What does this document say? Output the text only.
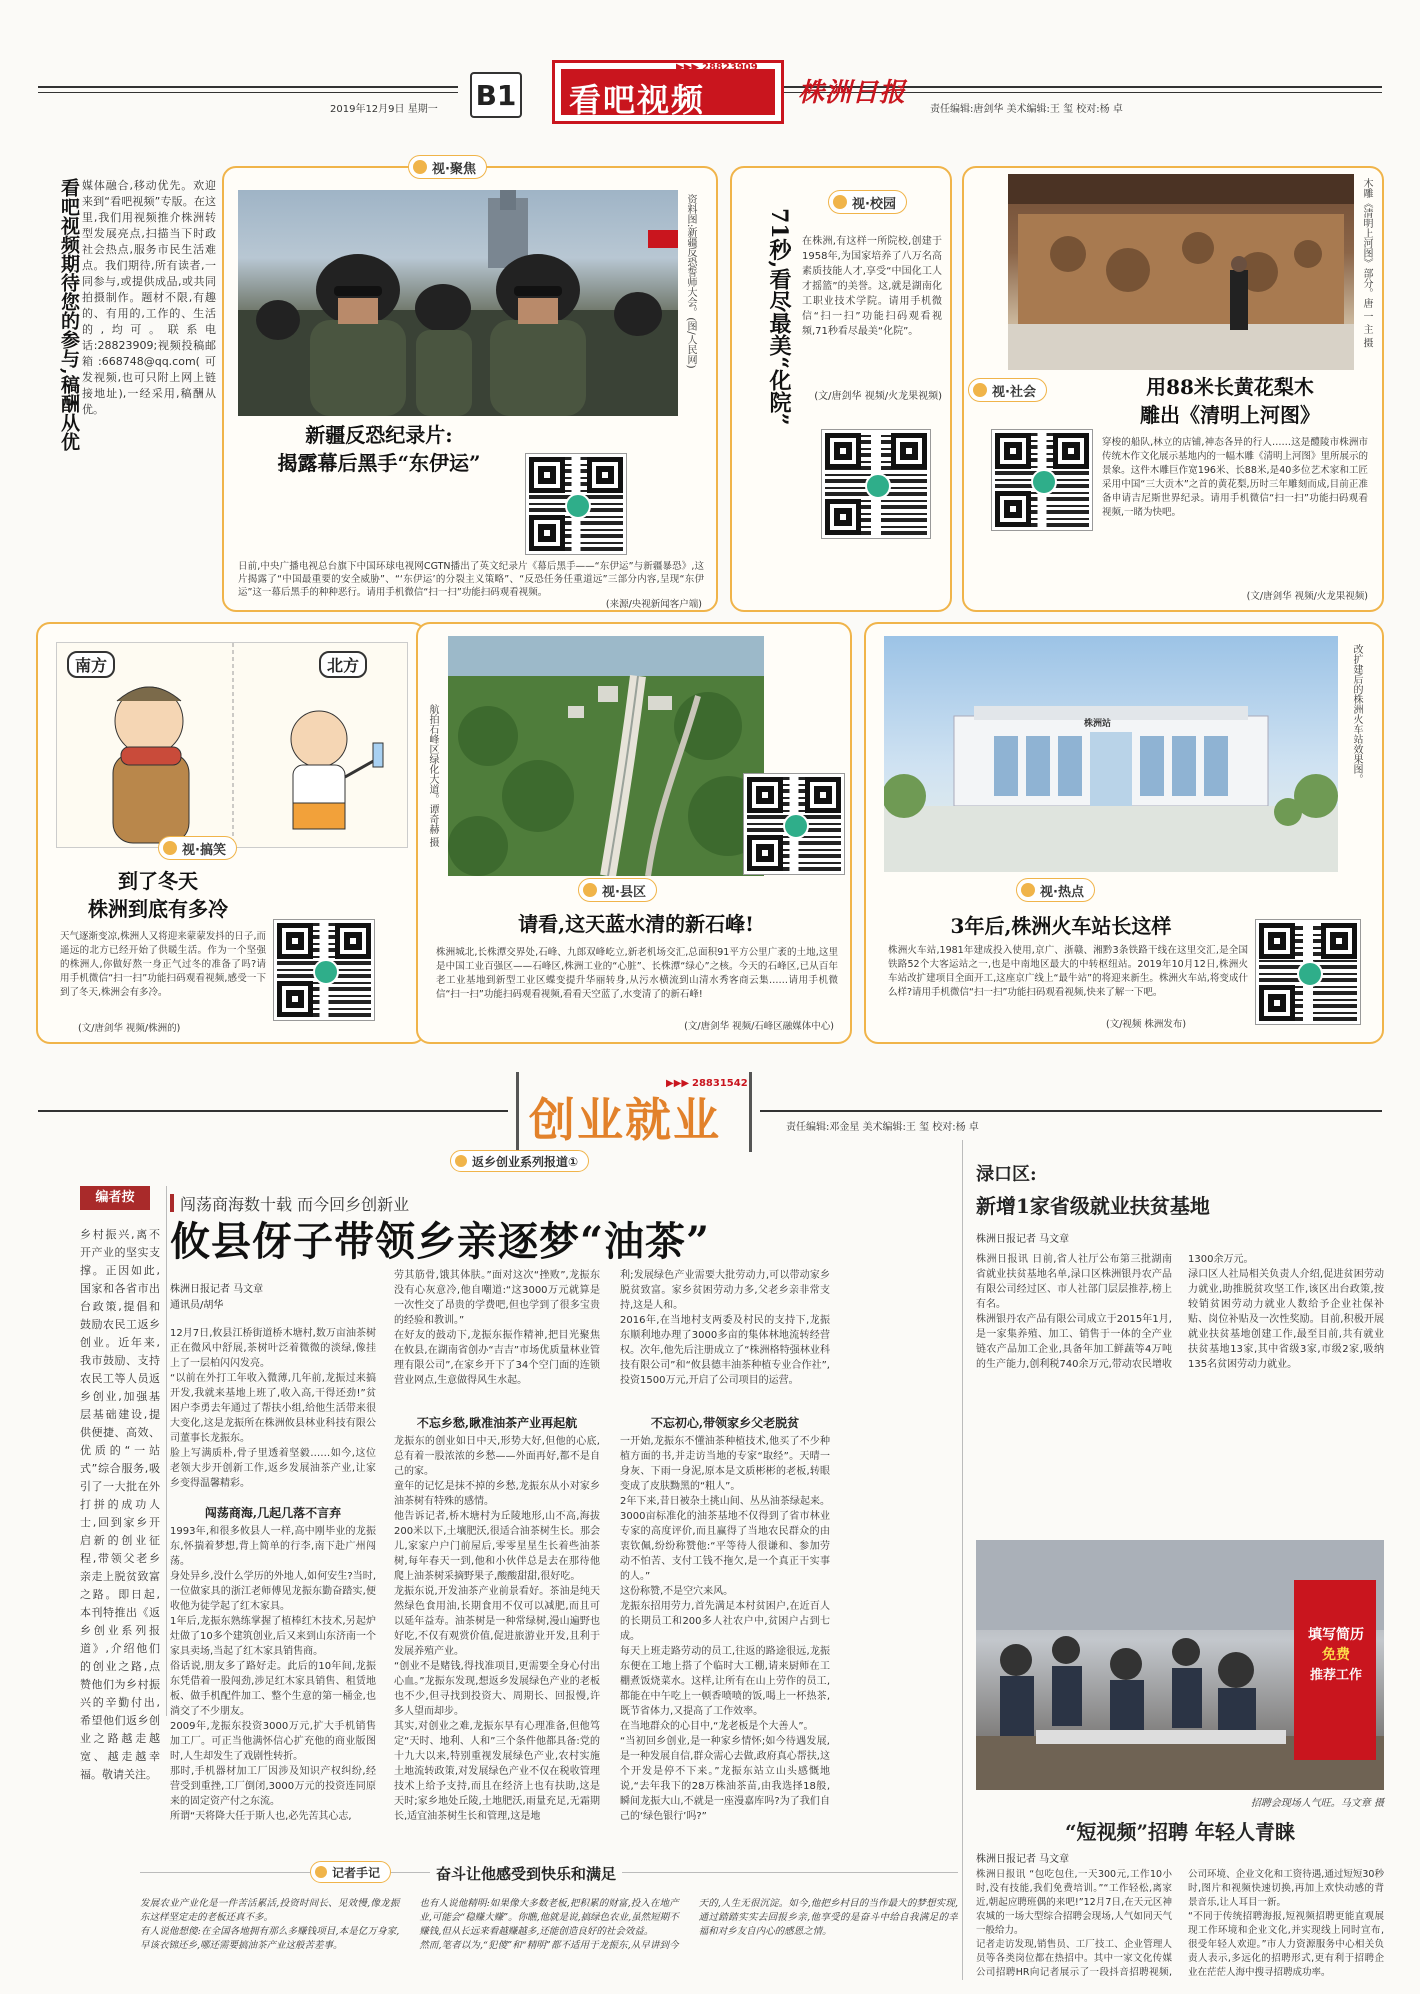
2019年12月9日 星期一 B1 看吧视频
▶▶▶ 28823909
株洲日报
责任编辑:唐剑华 美术编辑:王 玺 校对:杨 卓
看吧视频期待您的参与,稿酬从优 媒体融合,移动优先。欢迎来到“看吧视频”专版。在这里,我们用视频推介株洲转型发展亮点,扫描当下时政社会热点,服务市民生活难点。我们期待,所有读者,一同参与,或提供成品,或共同拍摄制作。题材不限,有趣的、有用的,工作的、生活的,均可。联系电话:28823909;视频投稿邮箱:668748@qq.com(可发视频,也可只附上网上链接地址),一经采用,稿酬从优。
视·聚焦
资料图:新疆反恐誓师大会。(图/人民网)
新疆反恐纪录片:
揭露幕后黑手“东伊运”
日前,中央广播电视总台旗下中国环球电视网CGTN播出了英文纪录片《幕后黑手——“东伊运”与新疆暴恐》,这片揭露了“中国最重要的安全威胁”、“‘东伊运’的分裂主义策略”、“反恐任务任重道远”三部分内容,呈现“东伊运”这一幕后黑手的种种恶行。请用手机微信“扫一扫”功能扫码观看视频。
(来源/央视新闻客户端)
视·校园
71秒,看尽最美“化院” 在株洲,有这样一所院校,创建于1958年,为国家培养了八万名高素质技能人才,享受“中国化工人才摇篮”的美誉。这,就是湖南化工职业技术学院。请用手机微信“扫一扫”功能扫码观看视频,71秒看尽最美“化院”。
(文/唐剑华 视频/火龙果视频)
木雕《清明上河图》部分。唐 一 主 摄
视·社会	用88米长黄花梨木
雕出《清明上河图》
穿梭的船队,林立的店铺,神态各异的行人……这是醴陵市株洲市传统木作文化展示基地内的一幅木雕《清明上河图》里所展示的景象。这件木雕巨作宽196米、长88米,是40多位艺术家和工匠采用中国“三大贡木”之首的黄花梨,历时三年雕刻而成,目前正准备申请吉尼斯世界纪录。请用手机微信“扫一扫”功能扫码观看视频,一睹为快吧。
(文/唐剑华 视频/火龙果视频)
南方	北方
视·搞笑
到了冬天
株洲到底有多冷
天气逐渐变凉,株洲人又将迎来蒙蒙发抖的日子,而遥远的北方已经开始了供暖生活。作为一个坚强的株洲人,你做好熬一身正气过冬的准备了吗?请用手机微信“扫一扫”功能扫码观看视频,感受一下到了冬天,株洲会有多冷。
(文/唐剑华 视频/株洲的)
航拍石峰区绿化大道。谭奇赫 摄
视·县区
请看,这天蓝水清的新石峰!
株洲城北,长株潭交界处,石峰、九郎双峰屹立,新老机场交汇,总面积91平方公里广袤的土地,这里是中国工业百强区——石峰区,株洲工业的“心脏”、长株潭“绿心”之核。今天的石峰区,已从百年老工业基地到新型工业区蝶变提升华丽转身,从污水横流到山清水秀客商云集……请用手机微信“扫一扫”功能扫码观看视频,看看天空蓝了,水变清了的新石峰!
(文/唐剑华 视频/石峰区融媒体中心)
株洲站	改扩建后的株洲火车站效果图。
视·热点
3年后,株洲火车站长这样
株洲火车站,1981年建成投入使用,京广、浙赣、湘黔3条铁路干线在这里交汇,是全国铁路52个大客运站之一,也是中南地区最大的中转枢纽站。2019年10月12日,株洲火车站改扩建项目全面开工,这座京广线上“最牛站”的将迎来新生。株洲火车站,将变成什么样?请用手机微信“扫一扫”功能扫码观看视频,快来了解一下吧。
(文/视频 株洲发布)
创业就业
▶▶▶ 28831542
责任编辑:邓金星 美术编辑:王 玺 校对:杨 卓
编者按
乡村振兴,离不开产业的坚实支撑。正因如此,国家和各省市出台政策,提倡和鼓励农民工返乡创业。近年来,我市鼓励、支持农民工等人员返乡创业,加强基层基础建设,提供便捷、高效、优质的“一站式”综合服务,吸引了一大批在外打拼的成功人士,回到家乡开启新的创业征程,带领父老乡亲走上脱贫致富之路。即日起,本刊特推出《返乡创业系列报道》,介绍他们的创业之路,点赞他们为乡村振兴的辛勤付出,希望他们返乡创业之路越走越宽、越走越幸福。敬请关注。
返乡创业系列报道①
闯荡商海数十载 而今回乡创新业
攸县伢子带领乡亲逐梦“油茶”
株洲日报记者 马文章
通讯员/胡华
12月7日,攸县江桥街道桥木塘村,数万亩油茶树正在微风中舒展,茶树叶泛着微微的淡绿,像挂上了一层柏闪闪发亮。
“以前在外打工年收入微薄,几年前,龙振过来搞开发,我就来基地上班了,收入高,干得还劲!”贫困户李勇去年通过了帮扶小组,给他生活带来很大变化,这是龙振所在株洲攸县林业科技有限公司董事长龙振东。
脸上写满质朴,骨子里透着坚毅……如今,这位老领大步开创新工作,返乡发展油茶产业,让家乡变得温馨精彩。
闯荡商海,几起几落不言弃
1993年,和很多攸县人一样,高中刚毕业的龙振东,怀揣着梦想,背上简单的行李,南下赴广州闯荡。
身处异乡,没什么学历的外地人,如何安生?当时,一位做家具的浙江老师傅见龙振东勤奋踏实,便收他为徒学起了红木家具。
1年后,龙振东熟练掌握了植棒红木技术,另起炉灶做了10多个建筑创业,后又来到山东济南一个家具卖场,当起了红木家具销售商。
俗话说,朋友多了路好走。此后的10年间,龙振东凭借着一股闯劲,涉足红木家具销售、租赁地板、做手机配件加工、整个生意的第一桶金,也淌交了不少朋友。
2009年,龙振东投资3000万元,扩大手机销售加工厂。可正当他满怀信心扩充他的商业版图时,人生却发生了戏剧性转折。
那时,手机器材加工厂因涉及知识产权纠纷,经营受到重挫,工厂倒闭,3000万元的投资连同原来的固定资产付之东流。
所谓“天将降大任于斯人也,必先苦其心志,
劳其筋骨,饿其体肤。”面对这次“挫败”,龙振东没有心灰意冷,他自嘲道:“这3000万元就算是一次性交了昂贵的学费吧,但也学到了很多宝贵的经验和教训。”
在好友的鼓动下,龙振东振作精神,把目光聚焦在攸县,在湖南省创办“吉吉”市场优质量林业管理有限公司”,在家乡开下了34个空门面的连锁营业网点,生意做得风生水起。
不忘乡愁,瞅准油茶产业再起航
龙振东的创业如日中天,形势大好,但他的心底,总有着一股浓浓的乡愁——外面再好,都不是自己的家。
童年的记忆是抹不掉的乡愁,龙振东从小对家乡油茶树有特殊的感情。
他告诉记者,桥木塘村为丘陵地形,山不高,海拔200米以下,土壤肥沃,很适合油茶树生长。那会儿,家家户户门前屋后,零零星星生长着些油茶树,每年春天一到,他和小伙伴总是去在那待他爬上油茶树采摘野果子,酸酸甜甜,很好吃。
龙振东说,开发油茶产业前景看好。茶油是纯天然绿色食用油,长期食用不仅可以减肥,而且可以延年益寿。油茶树是一种常绿树,漫山遍野也好吃,不仅有观赏价值,促进旅游业开发,且利于发展养殖产业。
“创业不是赌钱,得找准项目,更需要全身心付出心血。”龙振东发现,想返乡发展绿色产业的老板也不少,但寻找到投资大、周期长、回报慢,许多人望而却步。
其实,对创业之难,龙振东早有心理准备,但他笃定“天时、地利、人和”三个条件他都具备:党的十九大以来,特别重视发展绿色产业,农村实施土地流转政策,对发展绿色产业不仅在税收管理技术上给予支持,而且在经济上也有扶助,这是天时;家乡地处丘陵,土地肥沃,雨量充足,无霜期长,适宜油茶树生长和管理,这是地
利;发展绿色产业需要大批劳动力,可以带动家乡脱贫致富。家乡贫困劳动力多,父老乡亲非常支持,这是人和。
2016年,在当地村支两委及村民的支持下,龙振东顺利地办理了3000多亩的集体林地流转经营权。次年,他先后注册成立了“株洲格特强林业科技有限公司”和“攸县德丰油茶种植专业合作社”,投资1500万元,开启了公司项目的运营。
不忘初心,带领家乡父老脱贫
一开始,龙振东不懂油茶种植技术,他买了不少种植方面的书,并走访当地的专家“取经”。天晴一身灰、下雨一身泥,原本是文质彬彬的老板,转眼变成了皮肤黝黑的“粗人”。
2年下来,昔日被杂土挑山间、丛丛油茶绿起来。3000亩标准化的油茶基地不仅得到了省市林业专家的高度评价,而且赢得了当地农民群众的由衷钦佩,纷纷称赞他:“平等待人很谦和、参加劳动不怕苦、支付工钱不拖欠,是一个真正干实事的人。”
这份称赞,不是空穴来风。
龙振东招用劳力,首先满足本村贫困户,在近百人的长期员工和200多人社农户中,贫困户占到七成。
每天上班走路劳动的员工,往返的路途很远,龙振东便在工地上搭了个临时大工棚,请来厨师在工棚煮饭烧菜水。这样,让所有在山上劳作的员工,都能在中午吃上一顿香喷喷的饭,喝上一杯热茶,既节省体力,又提高了工作效率。
在当地群众的心目中,“龙老板是个大善人”。
“当初回乡创业,是一种家乡情怀;如今待遇发展,是一种发展自信,群众需心去做,政府真心帮扶,这个开发是停不下来。”龙振东站立山头感慨地说,“去年我下的28万株油茶苗,由我选择18般,瞬间龙振大山,不就是一座漫嘉库吗?为了我们自己的‘绿色银行’吗?”
记者手记	奋斗让他感受到快乐和满足
发展农业产业化是一件苦活累活,投资时间长、见效慢,像龙振东这样坚定走的老板还真不多。
有人说他想傻:在全国各地拥有那么多赚钱项目,本是亿万身家,早该衣锦还乡,哪还需要搞油茶产业这般苦差事。
也有人说他精明:如果像大多数老板,把积累的财富,投入在地产业,可能会“稳赚大赚”。你瞧,他就是说,搞绿色农业,虽然短期不赚钱,但从长远来看越赚越多,还能创造良好的社会效益。
然而,笔者以为,“犯傻”和“精明”都不适用于龙振东,从早讲到今天的,人生无很沉淀。如今,他把乡村目的当作最大的梦想实现,通过踏踏实实去回报乡亲,他享受的是奋斗中给自我满足的幸福和对乡友自内心的感恩之情。
渌口区:
新增1家省级就业扶贫基地
株洲日报记者 马文章
株洲日报讯 日前,省人社厅公布第三批湖南省就业扶贫基地名单,渌口区株洲银丹农产品有限公司经过区、市人社部门层层推荐,榜上有名。
株洲银丹农产品有限公司成立于2015年1月,是一家集养殖、加工、销售于一体的全产业链农产品加工企业,具备年加工鲜蔬等4万吨的生产能力,创利税740余万元,带动农民增收1300余万元。
渌口区人社局相关负责人介绍,促进贫困劳动力就业,助推脱贫攻坚工作,该区出台政策,按较销贫困劳动力就业人数给予企业社保补贴、岗位补贴及一次性奖励。目前,积极开展就业扶贫基地创建工作,最至目前,共有就业扶贫基地13家,其中省级3家,市级2家,吸纳135名贫困劳动力就业。
填写简历
免费
推荐工作
招聘会现场人气旺。马文章 摄
“短视频”招聘 年轻人青睐
株洲日报记者 马文章
株洲日报讯 “包吃包住,一天300元,工作10小时,没有技能,我们免费培训。”“工作轻松,离家近,朝起应聘班偶的来吧!”12月7日,在天元区神农城的一场大型综合招聘会现场,人气如同天气一般给力。
记者走访发现,销售员、工厂技工、企业管理人员等各类岗位都在热招中。其中一家文化传媒公司招聘HR向记者展示了一段抖音招聘视频,公司环境、企业文化和工资待遇,通过短短30秒时,图片和视频快速切换,再加上欢快动感的背景音乐,让人耳目一新。
“不同于传统招聘海报,短视频招聘更能直观展现工作环境和企业文化,并实现线上同时宣布,很受年轻人欢迎。”市人力资源服务中心相关负责人表示,多远化的招聘形式,更有利于招聘企业在茫茫人海中搜寻招聘成功率。
